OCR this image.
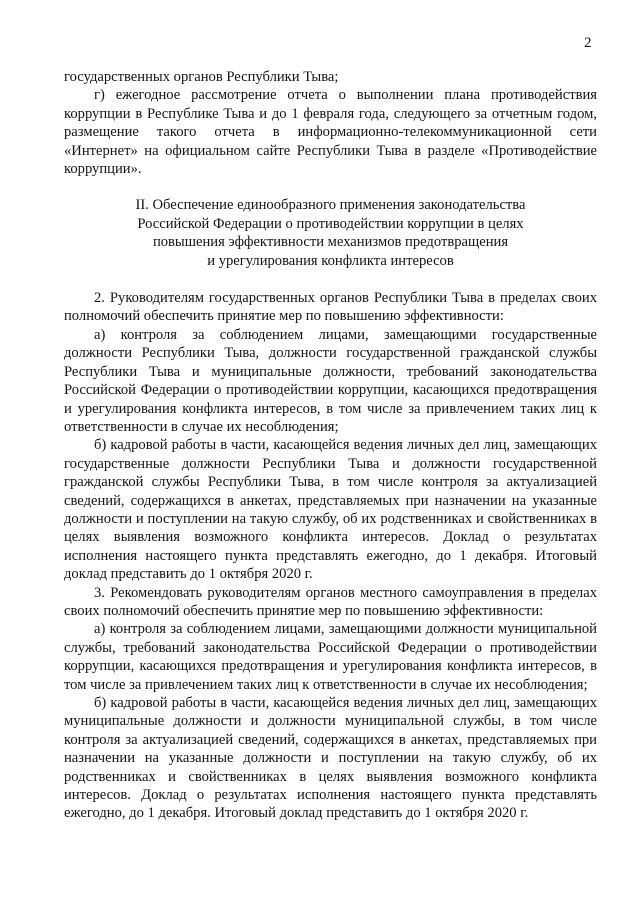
2

государственных органов Республики Тыва;

г) ежегодное рассмотрение отчета о выполнении плана противодействия коррупции в Республике Тыва и до 1 февраля года, следующего за отчетным годом, размещение такого отчета в информационно-телекоммуникационной сети «Интернет» на официальном сайте Республики Тыва в разделе «Противодействие коррупции».

II. Обеспечение единообразного применения законодательства
Российской Федерации о противодействии коррупции в целях
повышения эффективности механизмов предотвращения
и урегулирования конфликта интересов

2. Руководителям государственных органов Республики Тыва в пределах своих полномочий обеспечить принятие мер по повышению эффективности:

а) контроля за соблюдением лицами, замещающими государственные должности Республики Тыва, должности государственной гражданской службы Республики Тыва и муниципальные должности, требований законодательства Российской Федерации о противодействии коррупции, касающихся предотвращения и урегулирования конфликта интересов, в том числе за привлечением таких лиц к ответственности в случае их несоблюдения;

б) кадровой работы в части, касающейся ведения личных дел лиц, замещающих государственные должности Республики Тыва и должности государственной гражданской службы Республики Тыва, в том числе контроля за актуализацией сведений, содержащихся в анкетах, представляемых при назначении на указанные должности и поступлении на такую службу, об их родственниках и свойственниках в целях выявления возможного конфликта интересов. Доклад о результатах исполнения настоящего пункта представлять ежегодно, до 1 декабря. Итоговый доклад представить до 1 октября 2020 г.

3. Рекомендовать руководителям органов местного самоуправления в пределах своих полномочий обеспечить принятие мер по повышению эффективности:

а) контроля за соблюдением лицами, замещающими должности муниципальной службы, требований законодательства Российской Федерации о противодействии коррупции, касающихся предотвращения и урегулирования конфликта интересов, в том числе за привлечением таких лиц к ответственности в случае их несоблюдения;

б) кадровой работы в части, касающейся ведения личных дел лиц, замещающих муниципальные должности и должности муниципальной службы, в том числе контроля за актуализацией сведений, содержащихся в анкетах, представляемых при назначении на указанные должности и поступлении на такую службу, об их родственниках и свойственниках в целях выявления возможного конфликта интересов. Доклад о результатах исполнения настоящего пункта представлять ежегодно, до 1 декабря. Итоговый доклад представить до 1 октября 2020 г.
